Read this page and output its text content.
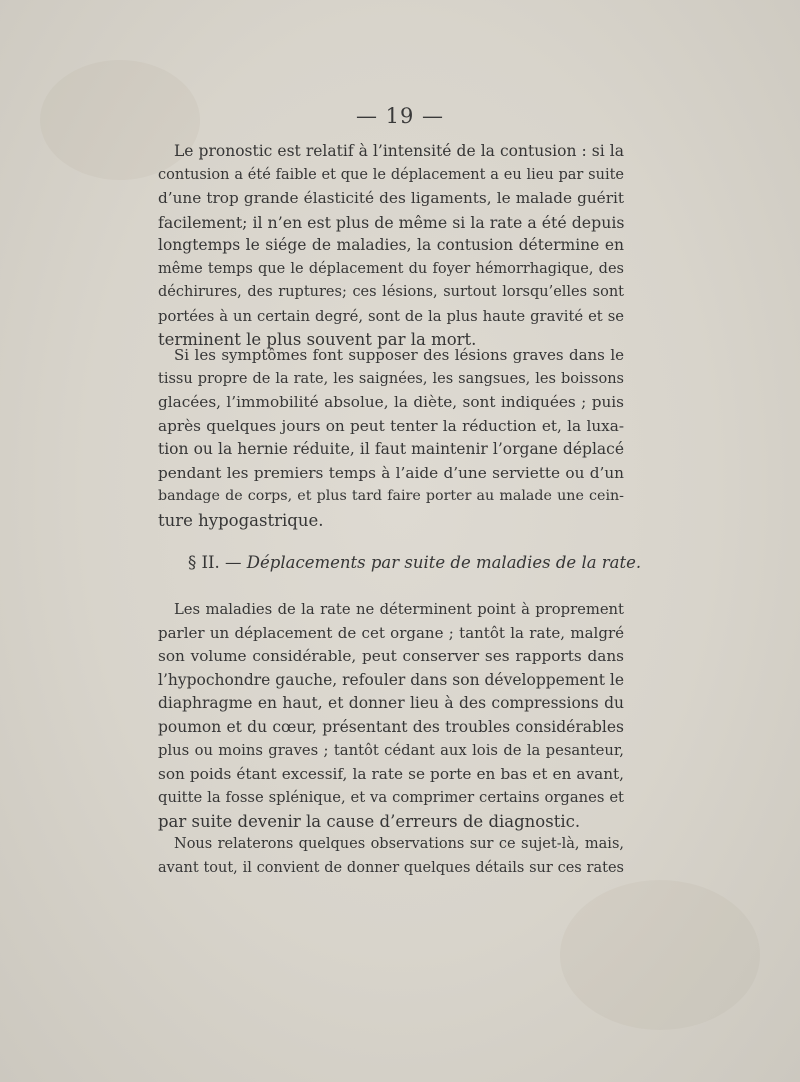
— 19 —
Le pronostic est relatif à l’intensité de la contusion : si la
contusion a été faible et que le déplacement a eu lieu par suite
d’une trop grande élasticité des ligaments, le malade guérit
facilement; il n’en est plus de même si la rate a été depuis
longtemps le siége de maladies, la contusion détermine en
même temps que le déplacement du foyer hémorrhagique, des
déchirures, des ruptures; ces lésions, surtout lorsqu’elles sont
portées à un certain degré, sont de la plus haute gravité et se
terminent le plus souvent par la mort.
Si les symptômes font supposer des lésions graves dans le
tissu propre de la rate, les saignées, les sangsues, les boissons
glacées, l’immobilité absolue, la diète, sont indiquées ; puis
après quelques jours on peut tenter la réduction et, la luxa-
tion ou la hernie réduite, il faut maintenir l’organe déplacé
pendant les premiers temps à l’aide d’une serviette ou d’un
bandage de corps, et plus tard faire porter au malade une cein-
ture hypogastrique.
§ II. — Déplacements par suite de maladies de la rate.
Les maladies de la rate ne déterminent point à proprement
parler un déplacement de cet organe ; tantôt la rate, malgré
son volume considérable, peut conserver ses rapports dans
l’hypochondre gauche, refouler dans son développement le
diaphragme en haut, et donner lieu à des compressions du
poumon et du cœur, présentant des troubles considérables
plus ou moins graves ; tantôt cédant aux lois de la pesanteur,
son poids étant excessif, la rate se porte en bas et en avant,
quitte la fosse splénique, et va comprimer certains organes et
par suite devenir la cause d’erreurs de diagnostic.
Nous relaterons quelques observations sur ce sujet-là, mais,
avant tout, il convient de donner quelques détails sur ces rates
